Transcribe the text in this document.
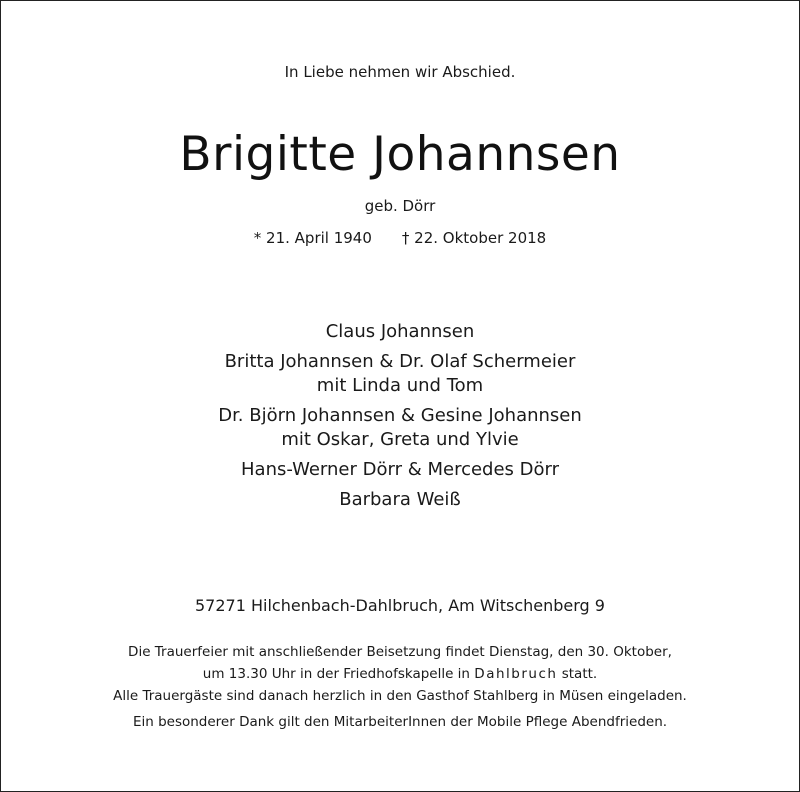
In Liebe nehmen wir Abschied.
Brigitte Johannsen
geb. Dörr
* 21. April 1940 † 22. Oktober 2018
Claus Johannsen
Britta Johannsen & Dr. Olaf Schermeier
mit Linda und Tom
Dr. Björn Johannsen & Gesine Johannsen
mit Oskar, Greta und Ylvie
Hans-Werner Dörr & Mercedes Dörr
Barbara Weiß
57271 Hilchenbach-Dahlbruch, Am Witschenberg 9
Die Trauerfeier mit anschließender Beisetzung findet Dienstag, den 30. Oktober,
um 13.30 Uhr in der Friedhofskapelle in Dahlbruch statt.
Alle Trauergäste sind danach herzlich in den Gasthof Stahlberg in Müsen eingeladen.
Ein besonderer Dank gilt den MitarbeiterInnen der Mobile Pflege Abendfrieden.
